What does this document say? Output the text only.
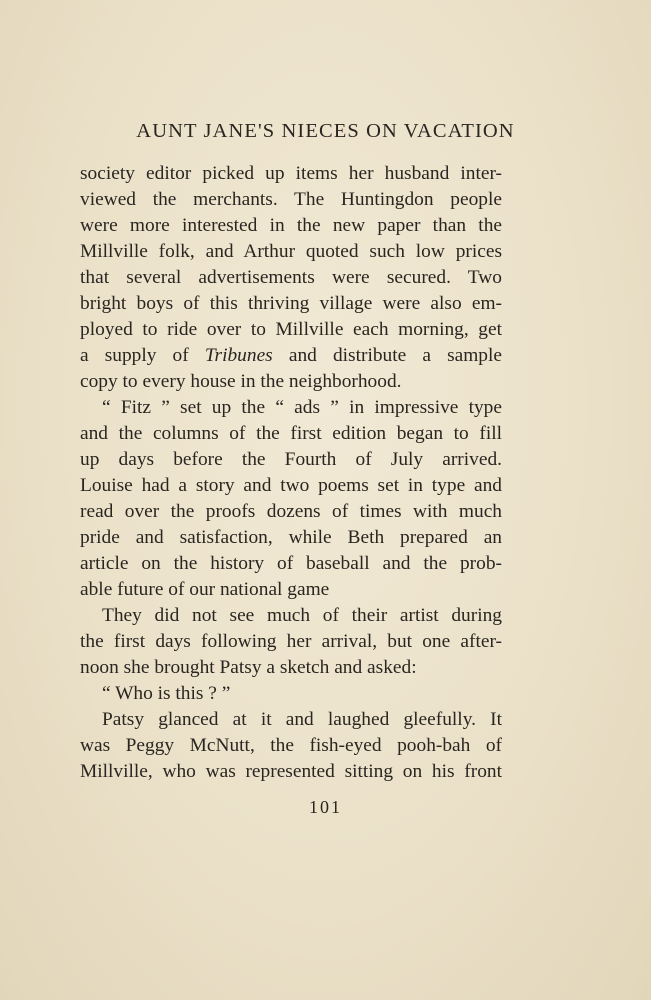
AUNT JANE'S NIECES ON VACATION
society editor picked up items her husband inter-
viewed the merchants. The Huntingdon people
were more interested in the new paper than the
Millville folk, and Arthur quoted such low prices
that several advertisements were secured. Two
bright boys of this thriving village were also em-
ployed to ride over to Millville each morning, get
a supply of Tribunes and distribute a sample
copy to every house in the neighborhood.
“ Fitz ” set up the “ ads ” in impressive type
and the columns of the first edition began to fill
up days before the Fourth of July arrived.
Louise had a story and two poems set in type and
read over the proofs dozens of times with much
pride and satisfaction, while Beth prepared an
article on the history of baseball and the prob-
able future of our national game
They did not see much of their artist during
the first days following her arrival, but one after-
noon she brought Patsy a sketch and asked:
“ Who is this ? ”
Patsy glanced at it and laughed gleefully. It
was Peggy McNutt, the fish-eyed pooh-bah of
Millville, who was represented sitting on his front
101
